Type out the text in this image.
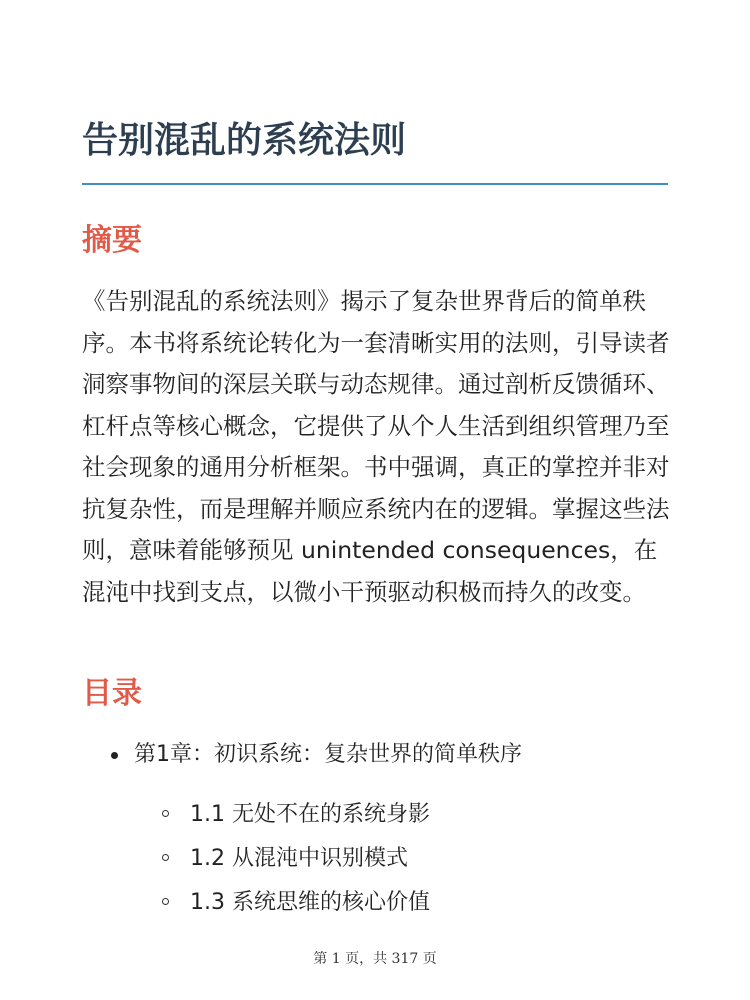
告别混乱的系统法则
摘要

《告别混乱的系统法则》揭示了复杂世界背后的简单秩序。本书将系统论转化为一套清晰实用的法则，引导读者洞察事物间的深层关联与动态规律。通过剖析反馈循环、杠杆点等核心概念，它提供了从个人生活到组织管理乃至社会现象的通用分析框架。书中强调，真正的掌控并非对抗复杂性，而是理解并顺应系统内在的逻辑。掌握这些法则，意味着能够预见 unintended consequences，在混沌中找到支点，以微小干预驱动积极而持久的改变。

目录
第1章：初识系统：复杂世界的简单秩序
1.1 无处不在的系统身影
1.2 从混沌中识别模式
1.3 系统思维的核心价值
第 1 页，共 317 页
